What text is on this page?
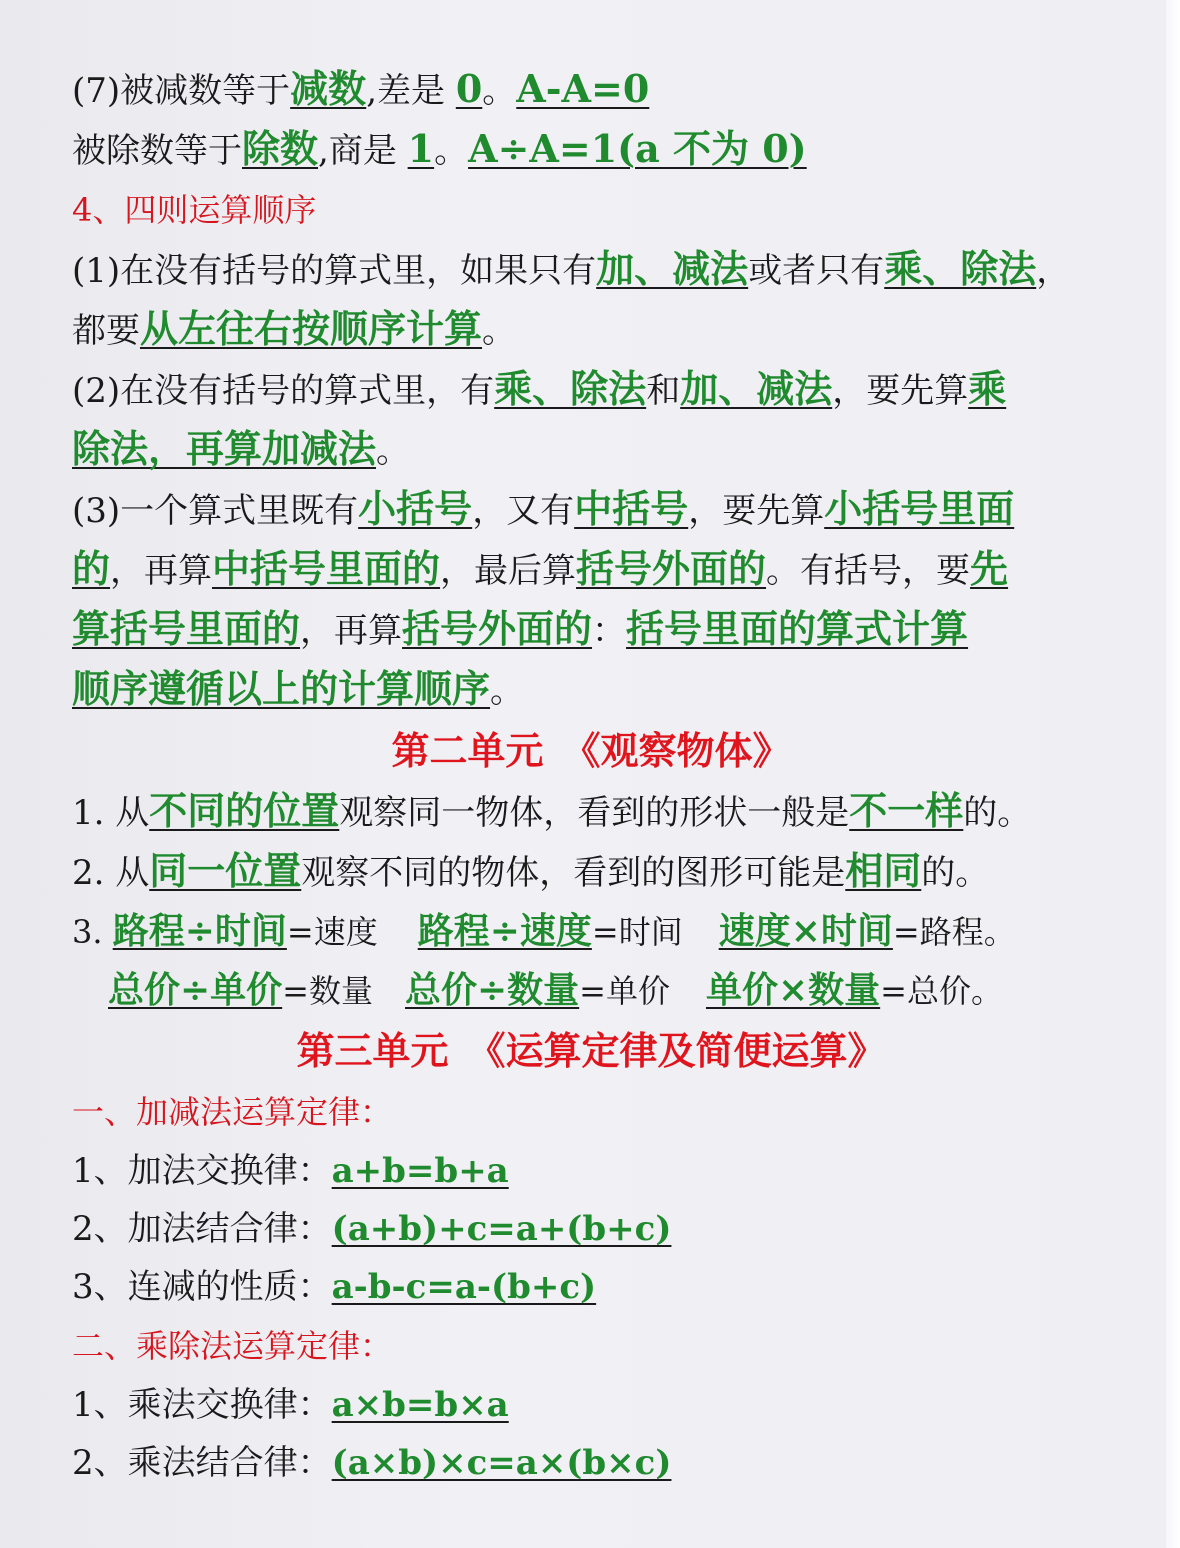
(7)被减数等于减数,差是 0。A-A=0
被除数等于除数,商是 1。A÷A=1(a 不为 0)
4、四则运算顺序
(1)在没有括号的算式里，如果只有加、减法或者只有乘、除法，
都要从左往右按顺序计算。
(2)在没有括号的算式里，有乘、除法和加、减法，要先算乘
除法，再算加减法。
(3)一个算式里既有小括号，又有中括号，要先算小括号里面
的，再算中括号里面的，最后算括号外面的。有括号，要先
算括号里面的，再算括号外面的：括号里面的算式计算
顺序遵循以上的计算顺序。
第二单元　《观察物体》
1. 从不同的位置观察同一物体，看到的形状一般是不一样的。
2. 从同一位置观察不同的物体，看到的图形可能是相同的。
3. 路程÷时间=速度 路程÷速度=时间 速度×时间=路程。
总价÷单价=数量 总价÷数量=单价 单价×数量=总价。
第三单元　《运算定律及简便运算》
一、加减法运算定律：
1、加法交换律：a+b=b+a
2、加法结合律：(a+b)+c=a+(b+c)
3、连减的性质：a-b-c=a-(b+c)
二、乘除法运算定律：
1、乘法交换律：a×b=b×a
2、乘法结合律：(a×b)×c=a×(b×c)
